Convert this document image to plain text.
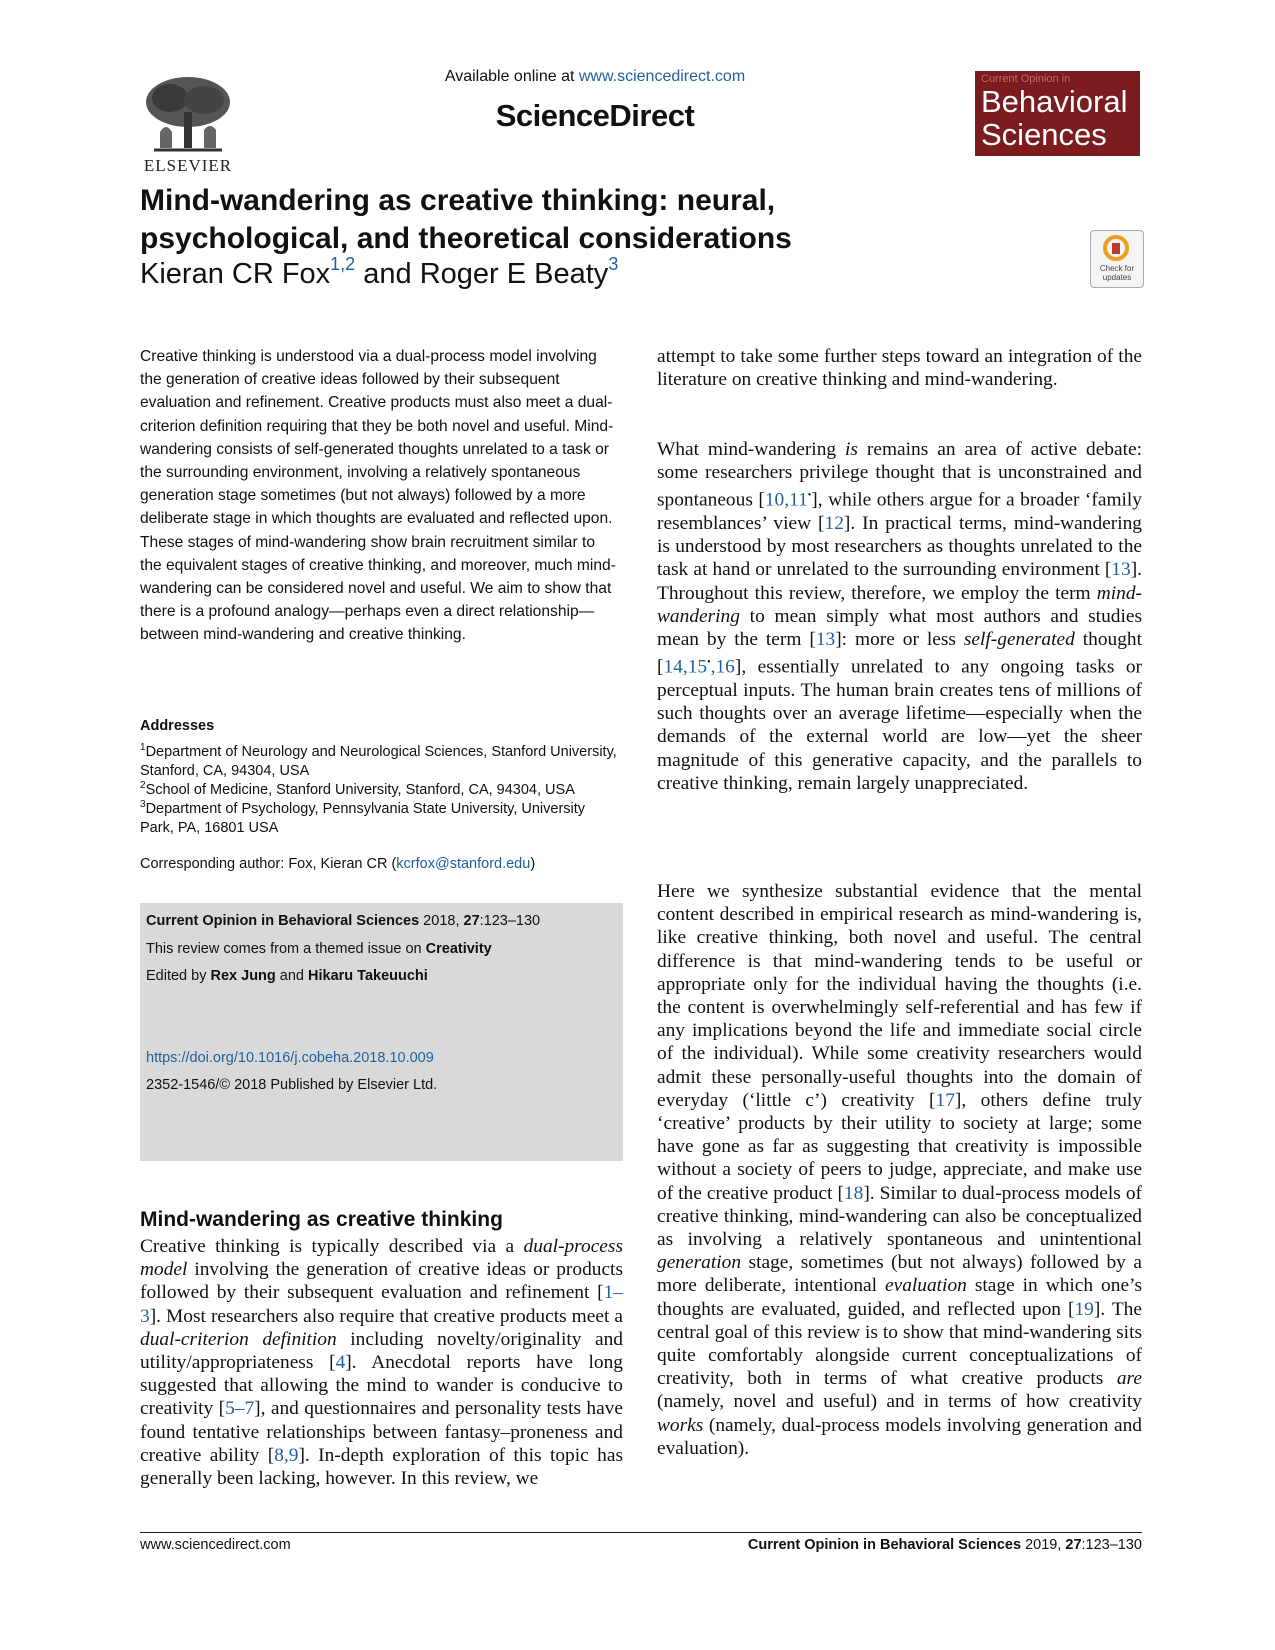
ELSEVIER
Available online at www.sciencedirect.com
ScienceDirect
Current Opinion in
Behavioral
Sciences
Mind-wandering as creative thinking: neural, psychological, and theoretical considerations
Kieran CR Fox$^{1,2}$ and Roger E Beaty$^3$	Check for updates

Creative thinking is understood via a dual-process model involving the generation of creative ideas followed by their subsequent evaluation and refinement. Creative products must also meet a dual-criterion definition requiring that they be both novel and useful. Mind-wandering consists of self-generated thoughts unrelated to a task or the surrounding environment, involving a relatively spontaneous generation stage sometimes (but not always) followed by a more deliberate stage in which thoughts are evaluated and reflected upon. These stages of mind-wandering show brain recruitment similar to the equivalent stages of creative thinking, and moreover, much mind-wandering can be considered novel and useful. We aim to show that there is a profound analogy—perhaps even a direct relationship—between mind-wandering and creative thinking.

Addresses
$^1$Department of Neurology and Neurological Sciences, Stanford University, Stanford, CA, 94304, USA
$^2$School of Medicine, Stanford University, Stanford, CA, 94304, USA
$^3$Department of Psychology, Pennsylvania State University, University Park, PA, 16801 USA
Corresponding author: Fox, Kieran CR (kcrfox@stanford.edu)
Current Opinion in Behavioral Sciences 2018, 27:123–130
This review comes from a themed issue on Creativity
Edited by Rex Jung and Hikaru Takeuuchi
https://doi.org/10.1016/j.cobeha.2018.10.009
2352-1546/© 2018 Published by Elsevier Ltd.
Mind-wandering as creative thinking

Creative thinking is typically described via a dual-process model involving the generation of creative ideas or products followed by their subsequent evaluation and refinement [1–3]. Most researchers also require that creative products meet a dual-criterion definition including novelty/originality and utility/appropriateness [4]. Anecdotal reports have long suggested that allowing the mind to wander is conducive to creativity [5–7], and questionnaires and personality tests have found tentative relationships between fantasy–proneness and creative ability [8,9]. In-depth exploration of this topic has generally been lacking, however. In this review, we

attempt to take some further steps toward an integration of the literature on creative thinking and mind-wandering.

What mind-wandering is remains an area of active debate: some researchers privilege thought that is unconstrained and spontaneous [10,11•], while others argue for a broader ‘family resemblances’ view [12]. In practical terms, mind-wandering is understood by most researchers as thoughts unrelated to the task at hand or unrelated to the surrounding environment [13]. Throughout this review, therefore, we employ the term mind-wandering to mean simply what most authors and studies mean by the term [13]: more or less self-generated thought [14,15•,16], essentially unrelated to any ongoing tasks or perceptual inputs. The human brain creates tens of millions of such thoughts over an average lifetime—especially when the demands of the external world are low—yet the sheer magnitude of this generative capacity, and the parallels to creative thinking, remain largely unappreciated.

Here we synthesize substantial evidence that the mental content described in empirical research as mind-wandering is, like creative thinking, both novel and useful. The central difference is that mind-wandering tends to be useful or appropriate only for the individual having the thoughts (i.e. the content is overwhelmingly self-referential and has few if any implications beyond the life and immediate social circle of the individual). While some creativity researchers would admit these personally-useful thoughts into the domain of everyday (‘little c’) creativity [17], others define truly ‘creative’ products by their utility to society at large; some have gone as far as suggesting that creativity is impossible without a society of peers to judge, appreciate, and make use of the creative product [18]. Similar to dual-process models of creative thinking, mind-wandering can also be conceptualized as involving a relatively spontaneous and unintentional generation stage, sometimes (but not always) followed by a more deliberate, intentional evaluation stage in which one’s thoughts are evaluated, guided, and reflected upon [19]. The central goal of this review is to show that mind-wandering sits quite comfortably alongside current conceptualizations of creativity, both in terms of what creative products are (namely, novel and useful) and in terms of how creativity works (namely, dual-process models involving generation and evaluation).

www.sciencedirect.com	Current Opinion in Behavioral Sciences 2019, 27:123–130
